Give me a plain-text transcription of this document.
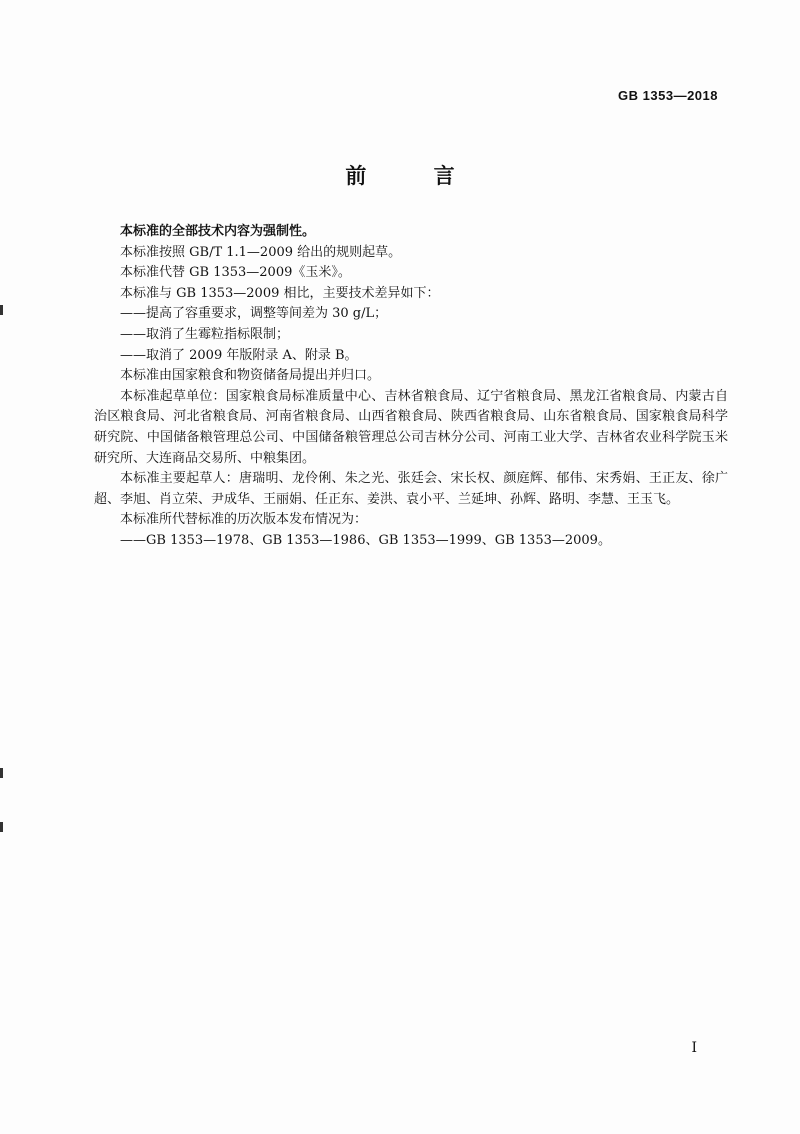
GB 1353—2018
前 言

本标准的全部技术内容为强制性。

本标准按照 GB/T 1.1—2009 给出的规则起草。

本标准代替 GB 1353—2009《玉米》。

本标准与 GB 1353—2009 相比，主要技术差异如下：

——提高了容重要求，调整等间差为 30 g/L；

——取消了生霉粒指标限制；

——取消了 2009 年版附录 A、附录 B。

本标准由国家粮食和物资储备局提出并归口。

本标准起草单位：国家粮食局标准质量中心、吉林省粮食局、辽宁省粮食局、黑龙江省粮食局、内蒙古自治区粮食局、河北省粮食局、河南省粮食局、山西省粮食局、陕西省粮食局、山东省粮食局、国家粮食局科学研究院、中国储备粮管理总公司、中国储备粮管理总公司吉林分公司、河南工业大学、吉林省农业科学院玉米研究所、大连商品交易所、中粮集团。

本标准主要起草人：唐瑞明、龙伶俐、朱之光、张廷会、宋长权、颜庭辉、郁伟、宋秀娟、王正友、徐广超、李旭、肖立荣、尹成华、王丽娟、任正东、姜洪、袁小平、兰延坤、孙辉、路明、李慧、王玉飞。

本标准所代替标准的历次版本发布情况为：

——GB 1353—1978、GB 1353—1986、GB 1353—1999、GB 1353—2009。

I
